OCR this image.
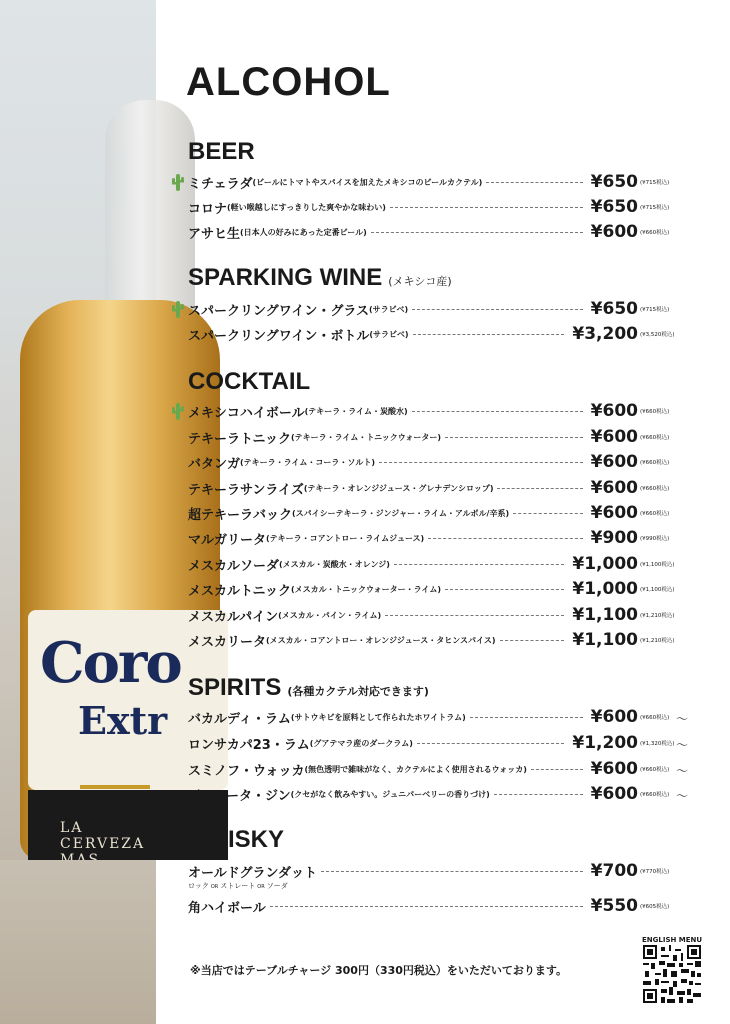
Coro
Extr
LA CERVEZA

ALCOHOL
BEER
ミチェラダ (ビールにトマトやスパイスを加えたメキシコのビールカクテル)	¥650 (¥715税込)
コロナ (軽い喉越しにすっきりした爽やかな味わい)	¥650 (¥715税込)
アサヒ生 (日本人の好みにあった定番ビール)	¥600 (¥660税込)
SPARKING WINE (メキシコ産)
スパークリングワイン・グラス (サラビベ)	¥650 (¥715税込)
スパークリングワイン・ボトル (サラビベ)	¥3,200 (¥3,520税込)
COCKTAIL
メキシコハイボール (テキーラ・ライム・炭酸水)	¥600 (¥660税込)
テキーラトニック (テキーラ・ライム・トニックウォーター)	¥600 (¥660税込)
バタンガ (テキーラ・ライム・コーラ・ソルト)	¥600 (¥660税込)
テキーラサンライズ (テキーラ・オレンジジュース・グレナデンシロップ)	¥600 (¥660税込)
超テキーラバック (スパイシーテキーラ・ジンジャー・ライム・アルボル/辛系)	¥600 (¥660税込)
マルガリータ (テキーラ・コアントロー・ライムジュース)	¥900 (¥990税込)
メスカルソーダ (メスカル・炭酸水・オレンジ)	¥1,000 (¥1,100税込)
メスカルトニック (メスカル・トニックウォーター・ライム)	¥1,000 (¥1,100税込)
メスカルパイン (メスカル・パイン・ライム)	¥1,100 (¥1,210税込)
メスカリータ (メスカル・コアントロー・オレンジジュース・タヒンスパイス)	¥1,100 (¥1,210税込)
SPIRITS (各種カクテル対応できます)
バカルディ・ラム (サトウキビを原料として作られたホワイトラム)	¥600 (¥660税込) 〜
ロンサカパ23・ラム (グアテマラ産のダークラム)	¥1,200 (¥1,320税込) 〜
スミノフ・ウォッカ (無色透明で雑味がなく、カクテルによく使用されるウォッカ)	¥600 (¥660税込) 〜
ビフィータ・ジン (クセがなく飲みやすい。ジュニパーベリーの香りづけ)	¥600 (¥660税込) 〜
WHISKY
オールドグランダット	¥700 (¥770税込)
ロック OR ストレート OR ソーダ
角ハイボール	¥550 (¥605税込)
※当店ではテーブルチャージ 300円（330円税込）をいただいております。
ENGLISH MENU
